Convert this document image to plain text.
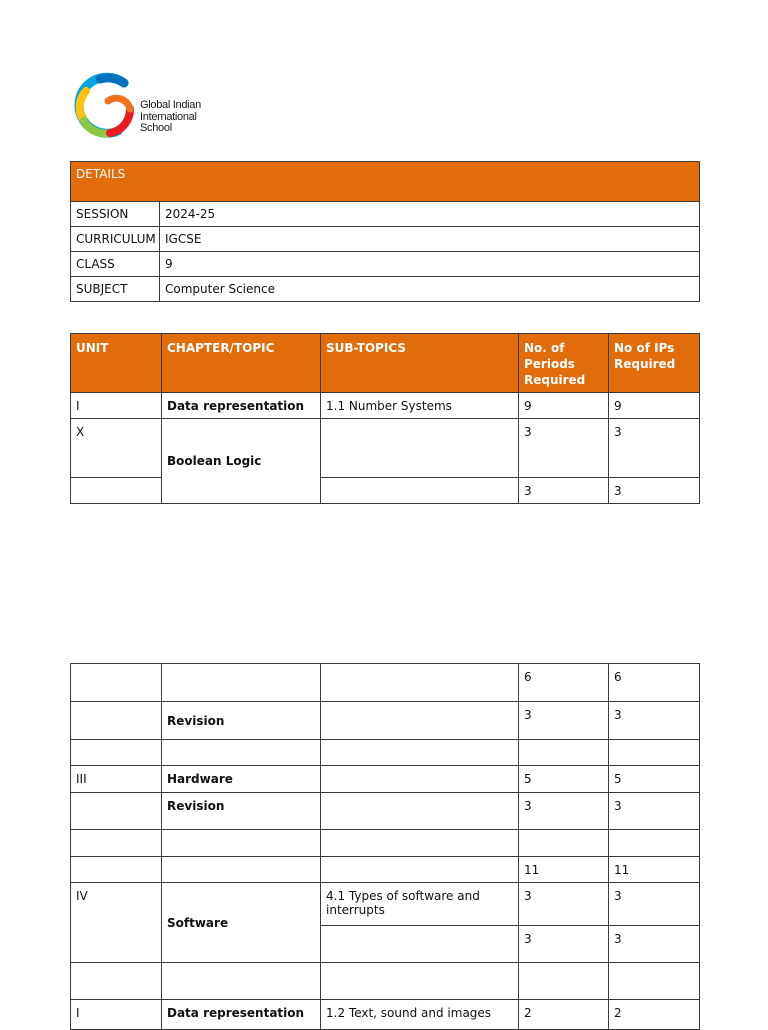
Global Indian
International
School
DETAILS	
SESSION	2024-25
CURRICULUM	IGCSE
CLASS	9
SUBJECT	Computer Science
UNIT	CHAPTER/TOPIC	SUB-TOPICS	No. of Periods Required	No of IPs Required
I	Data representation	1.1 Number Systems	9	9
X	Boolean Logic		3	3
			3	3
			6	6
	Revision		3	3

III	Hardware		5	5
	Revision		3	3

			11	11
IV	Software	4.1 Types of software and interrupts	3	3
			3	3

I	Data representation	1.2 Text, sound and images	2	2
